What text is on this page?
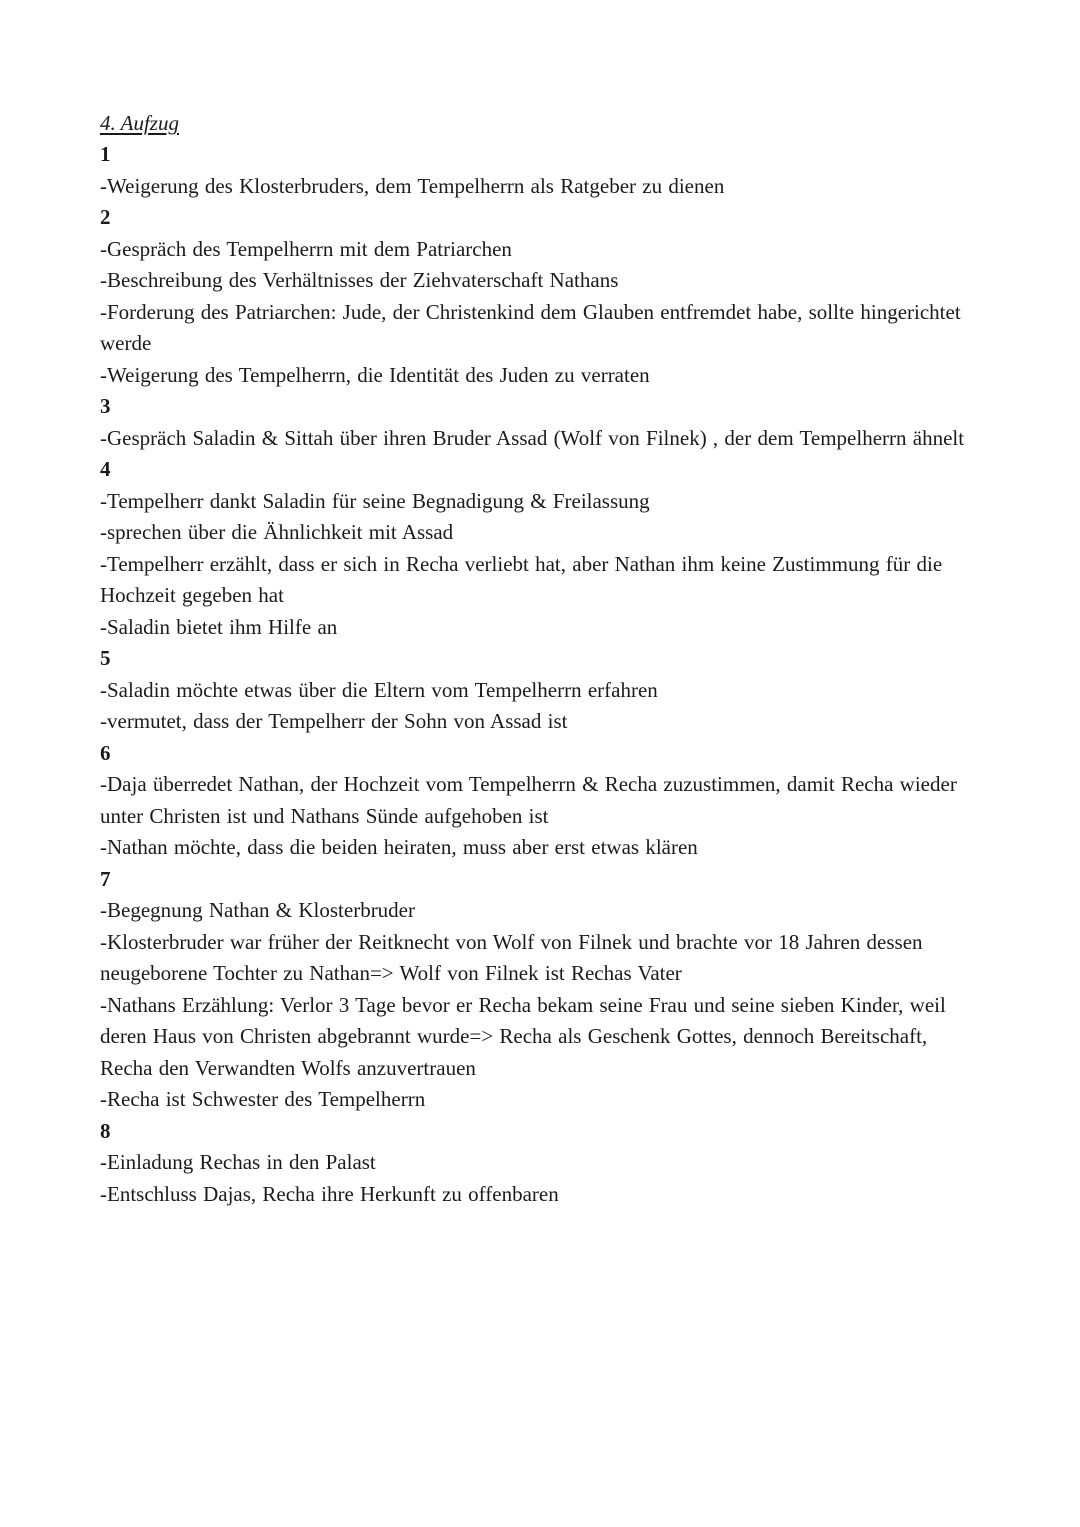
4. Aufzug
1

-Weigerung des Klosterbruders, dem Tempelherrn als Ratgeber zu dienen

2

-Gespräch des Tempelherrn mit dem Patriarchen

-Beschreibung des Verhältnisses der Ziehvaterschaft Nathans

-Forderung des Patriarchen: Jude, der Christenkind dem Glauben entfremdet habe, sollte hingerichtet werde

-Weigerung des Tempelherrn, die Identität des Juden zu verraten

3

-Gespräch Saladin & Sittah über ihren Bruder Assad (Wolf von Filnek) , der dem Tempelherrn ähnelt

4

-Tempelherr dankt Saladin für seine Begnadigung & Freilassung

-sprechen über die Ähnlichkeit mit Assad

-Tempelherr erzählt, dass er sich in Recha verliebt hat, aber Nathan ihm keine Zustimmung für die Hochzeit gegeben hat

-Saladin bietet ihm Hilfe an

5

-Saladin möchte etwas über die Eltern vom Tempelherrn erfahren

-vermutet, dass der Tempelherr der Sohn von Assad ist

6

-Daja überredet Nathan, der Hochzeit vom Tempelherrn & Recha zuzustimmen, damit Recha wieder unter Christen ist und Nathans Sünde aufgehoben ist

-Nathan möchte, dass die beiden heiraten, muss aber erst etwas klären

7

-Begegnung Nathan & Klosterbruder

-Klosterbruder war früher der Reitknecht von Wolf von Filnek und brachte vor 18 Jahren dessen neugeborene Tochter zu Nathan=> Wolf von Filnek ist Rechas Vater

-Nathans Erzählung: Verlor 3 Tage bevor er Recha bekam seine Frau und seine sieben Kinder, weil deren Haus von Christen abgebrannt wurde=> Recha als Geschenk Gottes, dennoch Bereitschaft, Recha den Verwandten Wolfs anzuvertrauen

-Recha ist Schwester des Tempelherrn

8

-Einladung Rechas in den Palast

-Entschluss Dajas, Recha ihre Herkunft zu offenbaren
